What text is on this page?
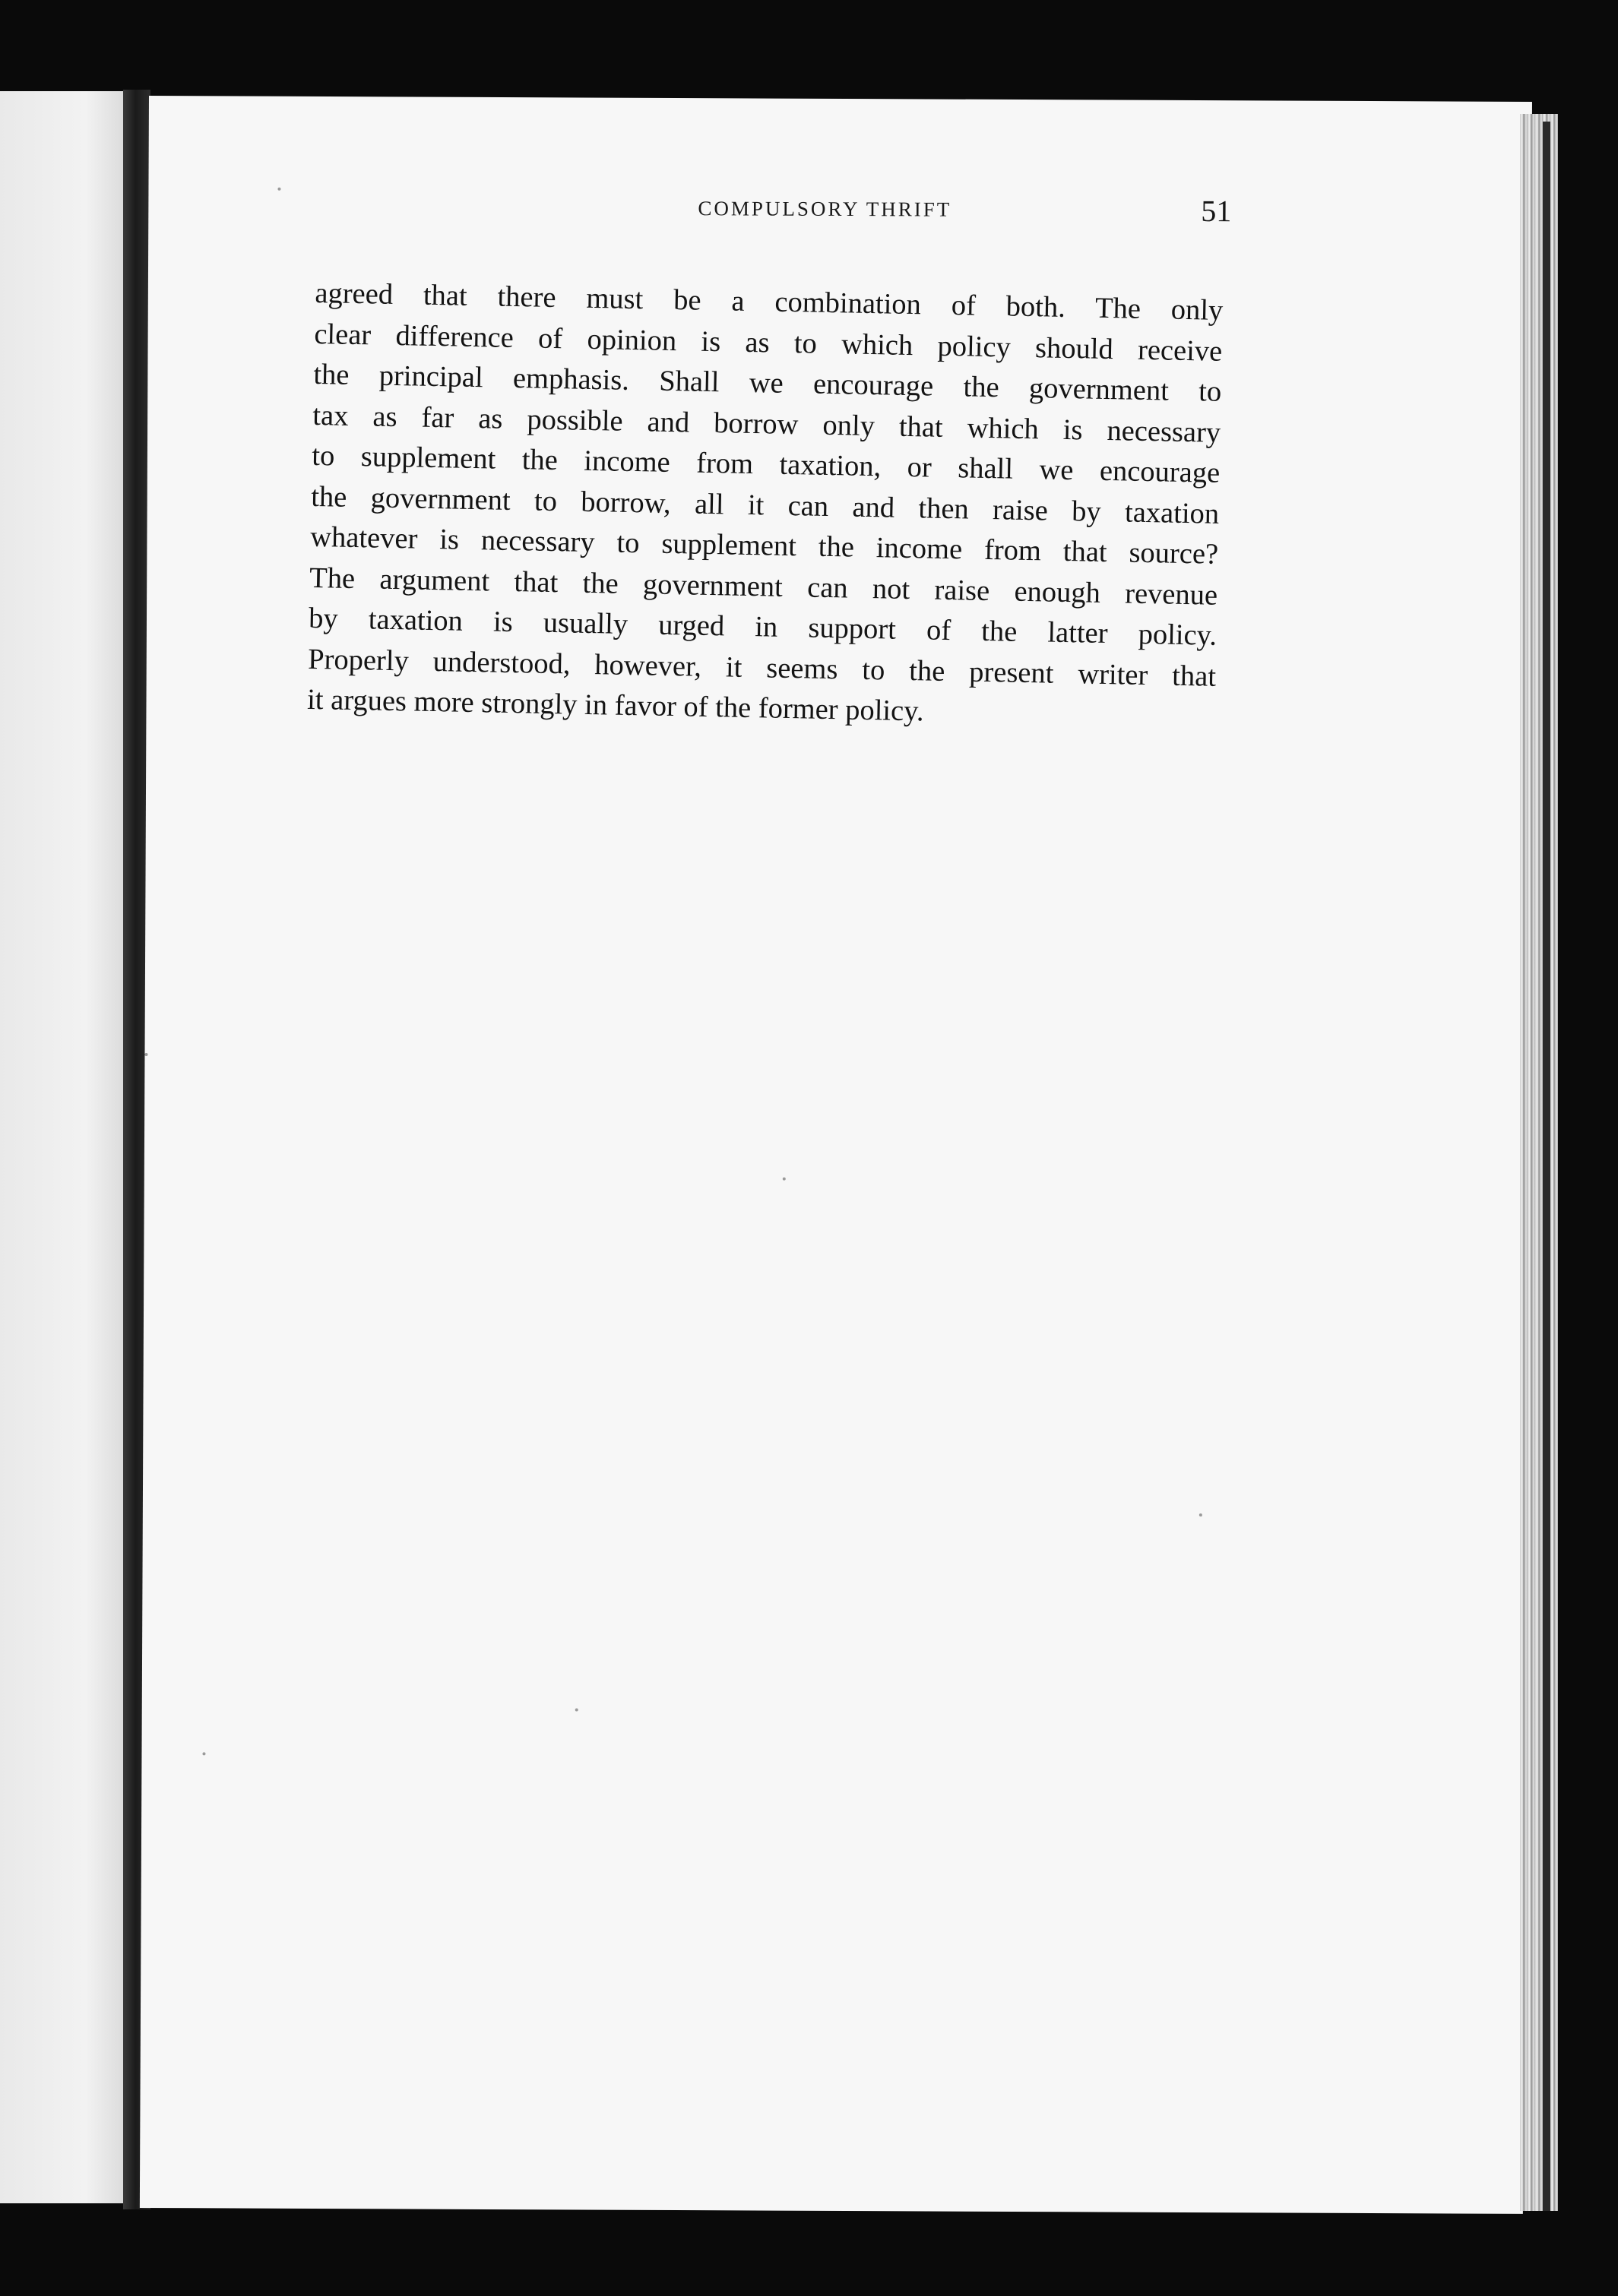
COMPULSORY THRIFT	51
agreed that there must be a combination of both. The only
clear difference of opinion is as to which policy should receive
the principal emphasis. Shall we encourage the government to
tax as far as possible and borrow only that which is necessary
to supplement the income from taxation, or shall we encourage
the government to borrow, all it can and then raise by taxation
whatever is necessary to supplement the income from that source?
The argument that the government can not raise enough revenue
by taxation is usually urged in support of the latter policy.
Properly understood, however, it seems to the present writer that
it argues more strongly in favor of the former policy.
